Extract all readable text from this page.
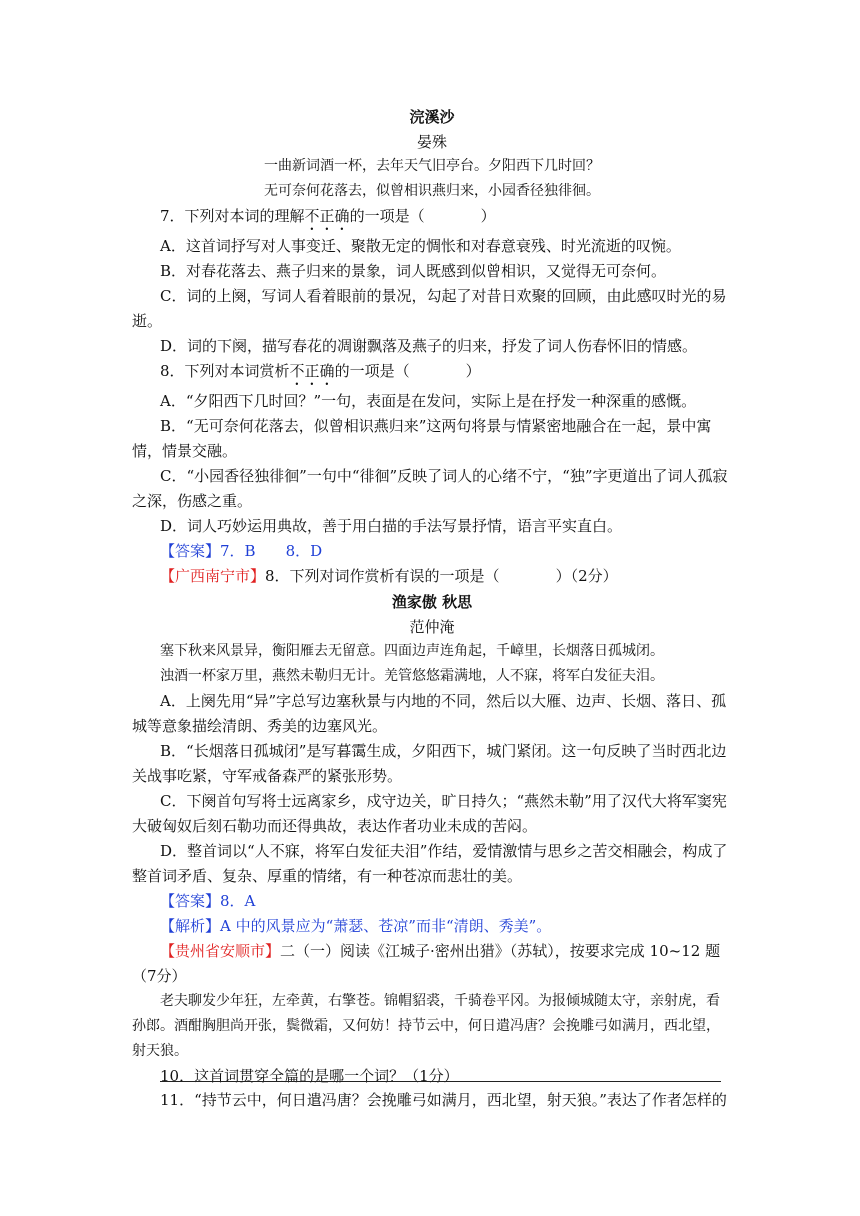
浣溪沙
晏殊
一曲新词酒一杯，去年天气旧亭台。夕阳西下几时回？
无可奈何花落去，似曾相识燕归来，小园香径独徘徊。

7．下列对本词的理解不正确的一项是（	）

A．这首词抒写对人事变迁、聚散无定的惆怅和对春意衰残、时光流逝的叹惋。

B．对春花落去、燕子归来的景象，词人既感到似曾相识，又觉得无可奈何。

C．词的上阕，写词人看着眼前的景况，勾起了对昔日欢聚的回顾，由此感叹时光的易逝。

D．词的下阕，描写春花的凋谢飘落及燕子的归来，抒发了词人伤春怀旧的情感。

8．下列对本词赏析不正确的一项是（	）

A．“夕阳西下几时回？”一句，表面是在发问，实际上是在抒发一种深重的感慨。

B．“无可奈何花落去，似曾相识燕归来”这两句将景与情紧密地融合在一起，景中寓情，情景交融。

C．“小园香径独徘徊”一句中“徘徊”反映了词人的心绪不宁，“独”字更道出了词人孤寂之深，伤感之重。

D．词人巧妙运用典故，善于用白描的手法写景抒情，语言平实直白。

【答案】7．B　　8．D

【广西南宁市】8．下列对词作赏析有误的一项是（	）（2分）

渔家傲 秋思
范仲淹
塞下秋来风景异，衡阳雁去无留意。四面边声连角起，千嶂里，长烟落日孤城闭。
浊酒一杯家万里，燕然未勒归无计。羌管悠悠霜满地，人不寐，将军白发征夫泪。

A．上阕先用“异”字总写边塞秋景与内地的不同，然后以大雁、边声、长烟、落日、孤城等意象描绘清朗、秀美的边塞风光。

B．“长烟落日孤城闭”是写暮霭生成，夕阳西下，城门紧闭。这一句反映了当时西北边关战事吃紧，守军戒备森严的紧张形势。

C．下阕首句写将士远离家乡，戍守边关，旷日持久；“燕然未勒”用了汉代大将军窦宪大破匈奴后刻石勒功而还得典故，表达作者功业未成的苦闷。

D．整首词以“人不寐，将军白发征夫泪”作结，爱情激情与思乡之苦交相融会，构成了整首词矛盾、复杂、厚重的情绪，有一种苍凉而悲壮的美。

【答案】8．A

【解析】A 中的风景应为“萧瑟、苍凉”而非“清朗、秀美”。

【贵州省安顺市】二（一）阅读《江城子·密州出猎》（苏轼），按要求完成 10~12 题（7分）

老夫聊发少年狂，左牵黄，右擎苍。锦帽貂裘，千骑卷平冈。为报倾城随太守，亲射虎，看孙郎。酒酣胸胆尚开张，鬓微霜，又何妨！持节云中，何日遣冯唐？会挽雕弓如满月，西北望，射天狼。

10．这首词贯穿全篇的是哪一个词？（1分）

11．“持节云中，何日遣冯唐？会挽雕弓如满月，西北望，射天狼。”表达了作者怎样的
